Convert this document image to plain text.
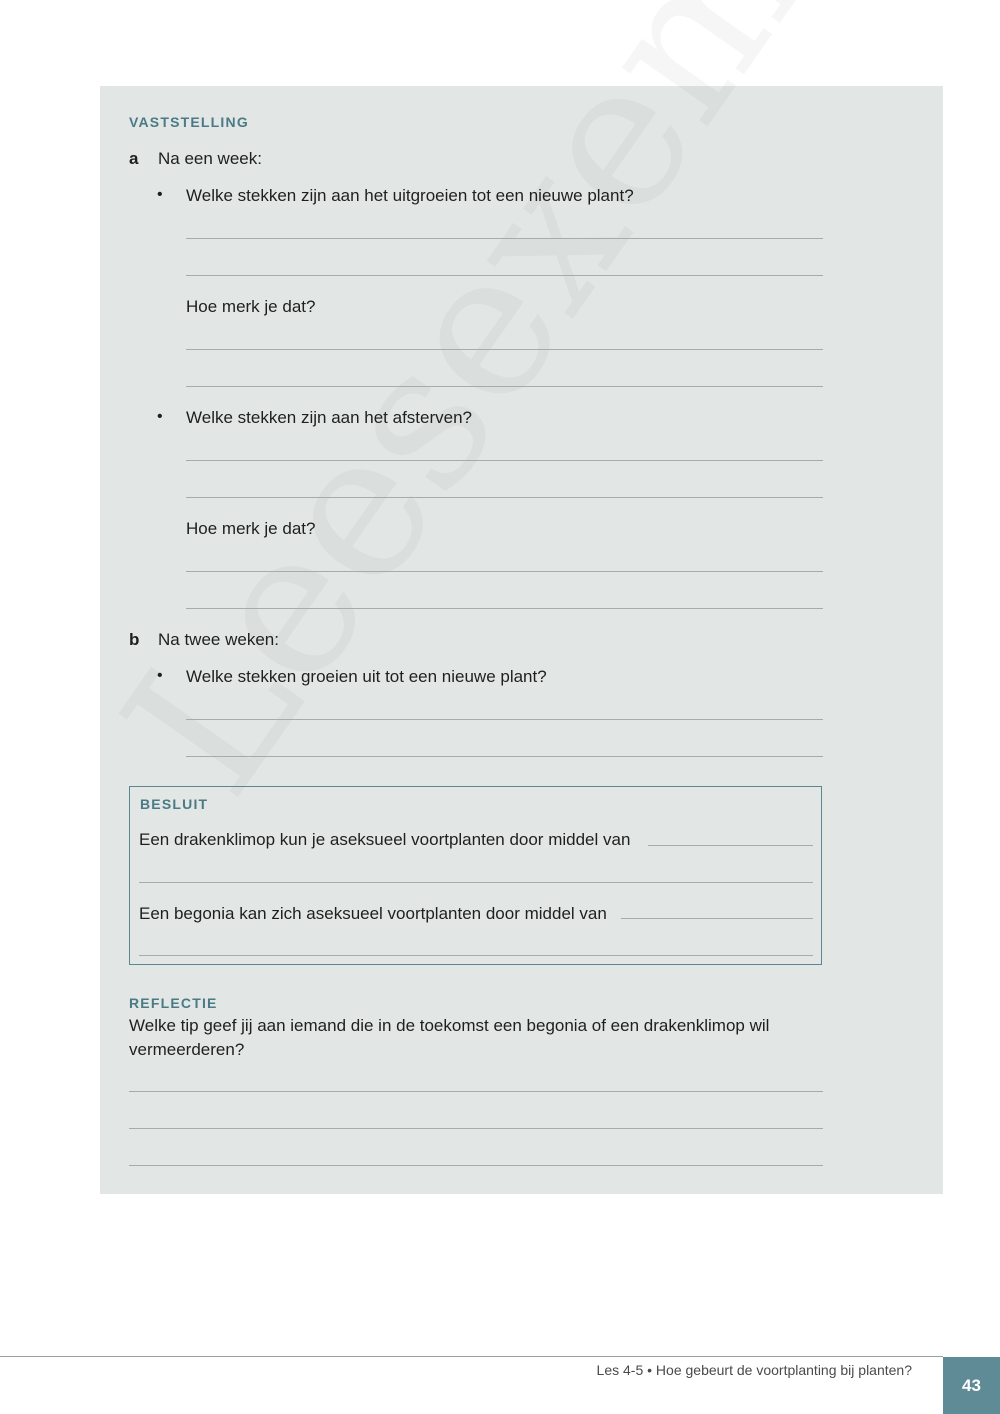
VASTSTELLING
a Na een week:
• Welke stekken zijn aan het uitgroeien tot een nieuwe plant?
Hoe merk je dat?
• Welke stekken zijn aan het afsterven?
Hoe merk je dat?
b Na twee weken:
• Welke stekken groeien uit tot een nieuwe plant?
BESLUIT
Een drakenklimop kun je aseksueel voortplanten door middel van
Een begonia kan zich aseksueel voortplanten door middel van
REFLECTIE
Welke tip geef jij aan iemand die in de toekomst een begonia of een drakenklimop wil
vermeerderen?
Les 4-5 • Hoe gebeurt de voortplanting bij planten?
43
